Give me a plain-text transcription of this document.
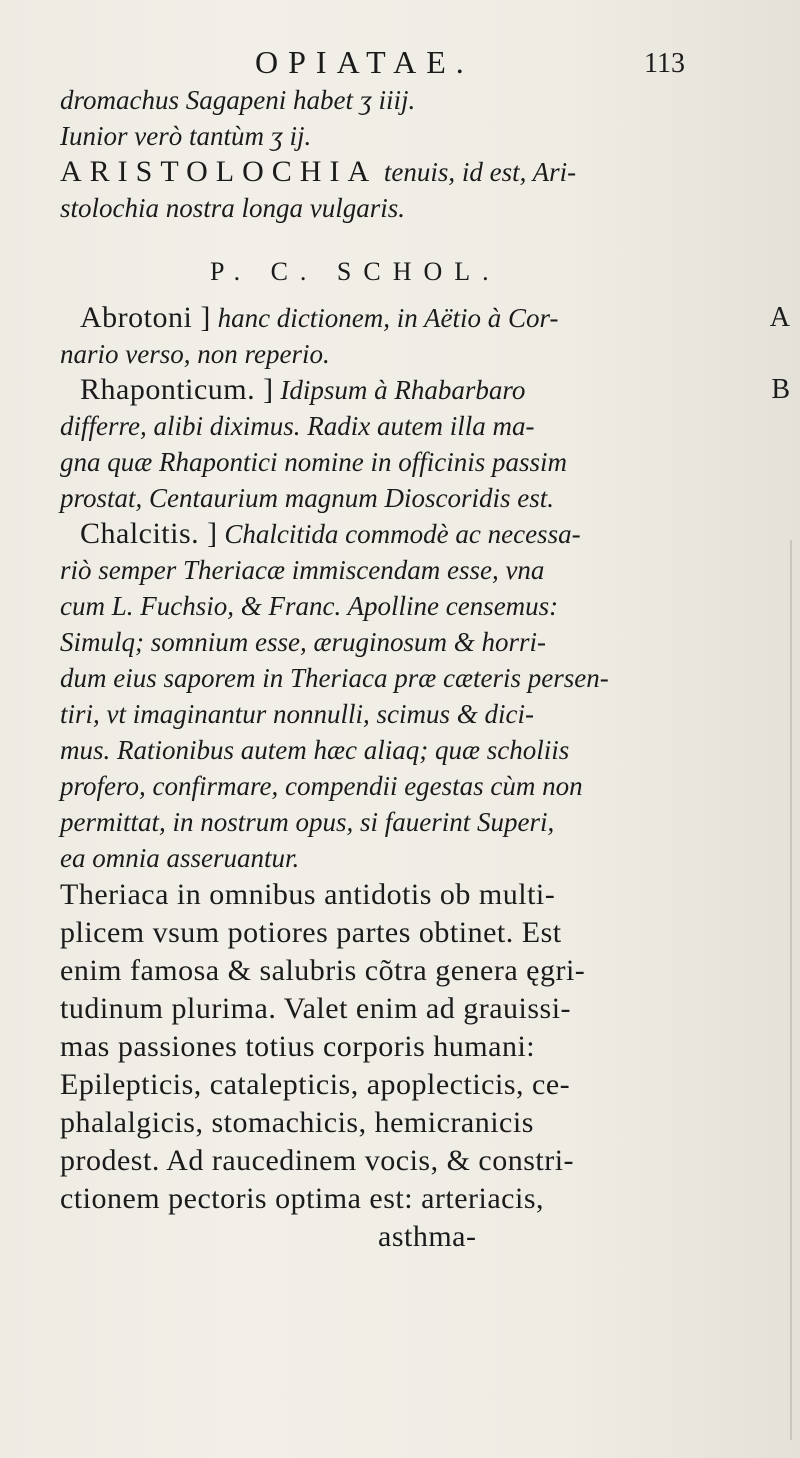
OPIATAE.	113
dromachus Sagapeni habet ʒ iiij.
Iunior verò tantùm ʒ ij.
ARISTOLOCHIA tenuis, id est, Ari-
stolochia nostra longa vulgaris.
P. C. SCHOL.
Abrotoni ] hanc dictionem, in Aëtio à Cor-	A
nario verso, non reperio.
Rhaponticum. ] Idipsum à Rhabarbaro	B
differre, alibi diximus. Radix autem illa ma-
gna quæ Rhapontici nomine in officinis passim
prostat, Centaurium magnum Dioscoridis est.
Chalcitis. ] Chalcitida commodè ac necessa-
riò semper Theriacæ immiscendam esse, vna
cum L. Fuchsio, & Franc. Apolline censemus:
Simulq; somnium esse, æruginosum & horri-
dum eius saporem in Theriaca præ cæteris persen-
tiri, vt imaginantur nonnulli, scimus & dici-
mus. Rationibus autem hæc aliaq; quæ scholiis
profero, confirmare, compendii egestas cùm non
permittat, in nostrum opus, si fauerint Superi,
ea omnia asseruantur.
Theriaca in omnibus antidotis ob multi-
plicem vsum potiores partes obtinet. Est
enim famosa & salubris cõtra genera ęgri-
tudinum plurima. Valet enim ad grauissi-
mas passiones totius corporis humani:
Epilepticis, catalepticis, apoplecticis, ce-
phalalgicis, stomachicis, hemicranicis
prodest. Ad raucedinem vocis, & constri-
ctionem pectoris optima est: arteriacis,
asthma-
